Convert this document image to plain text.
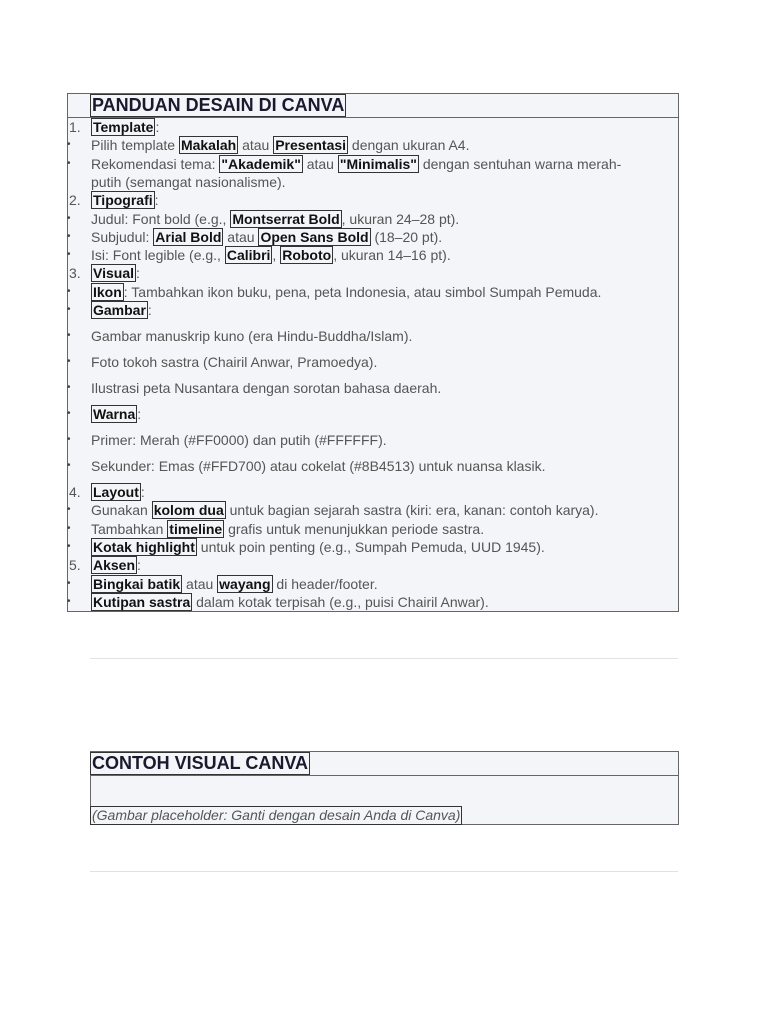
PANDUAN DESAIN DI CANVA
1. Template :
• Pilih template Makalah atau Presentasi dengan ukuran A4.
• Rekomendasi tema: "Akademik" atau "Minimalis" dengan sentuhan warna merah-
putih (semangat nasionalisme).
2. Tipografi :
• Judul: Font bold (e.g., Montserrat Bold , ukuran 24–28 pt).
• Subjudul: Arial Bold atau Open Sans Bold (18–20 pt).
• Isi: Font legible (e.g., Calibri , Roboto , ukuran 14–16 pt).
3. Visual :
• Ikon : Tambahkan ikon buku, pena, peta Indonesia, atau simbol Sumpah Pemuda.
• Gambar :
• Gambar manuskrip kuno (era Hindu-Buddha/Islam).
• Foto tokoh sastra (Chairil Anwar, Pramoedya).
• Ilustrasi peta Nusantara dengan sorotan bahasa daerah.
• Warna :
• Primer: Merah (#FF0000) dan putih (#FFFFFF).
• Sekunder: Emas (#FFD700) atau cokelat (#8B4513) untuk nuansa klasik.
4. Layout :
• Gunakan kolom dua untuk bagian sejarah sastra (kiri: era, kanan: contoh karya).
• Tambahkan timeline grafis untuk menunjukkan periode sastra.
• Kotak highlight untuk poin penting (e.g., Sumpah Pemuda, UUD 1945).
5. Aksen :
• Bingkai batik atau wayang di header/footer.
• Kutipan sastra dalam kotak terpisah (e.g., puisi Chairil Anwar).
CONTOH VISUAL CANVA
(Gambar placeholder: Ganti dengan desain Anda di Canva)
